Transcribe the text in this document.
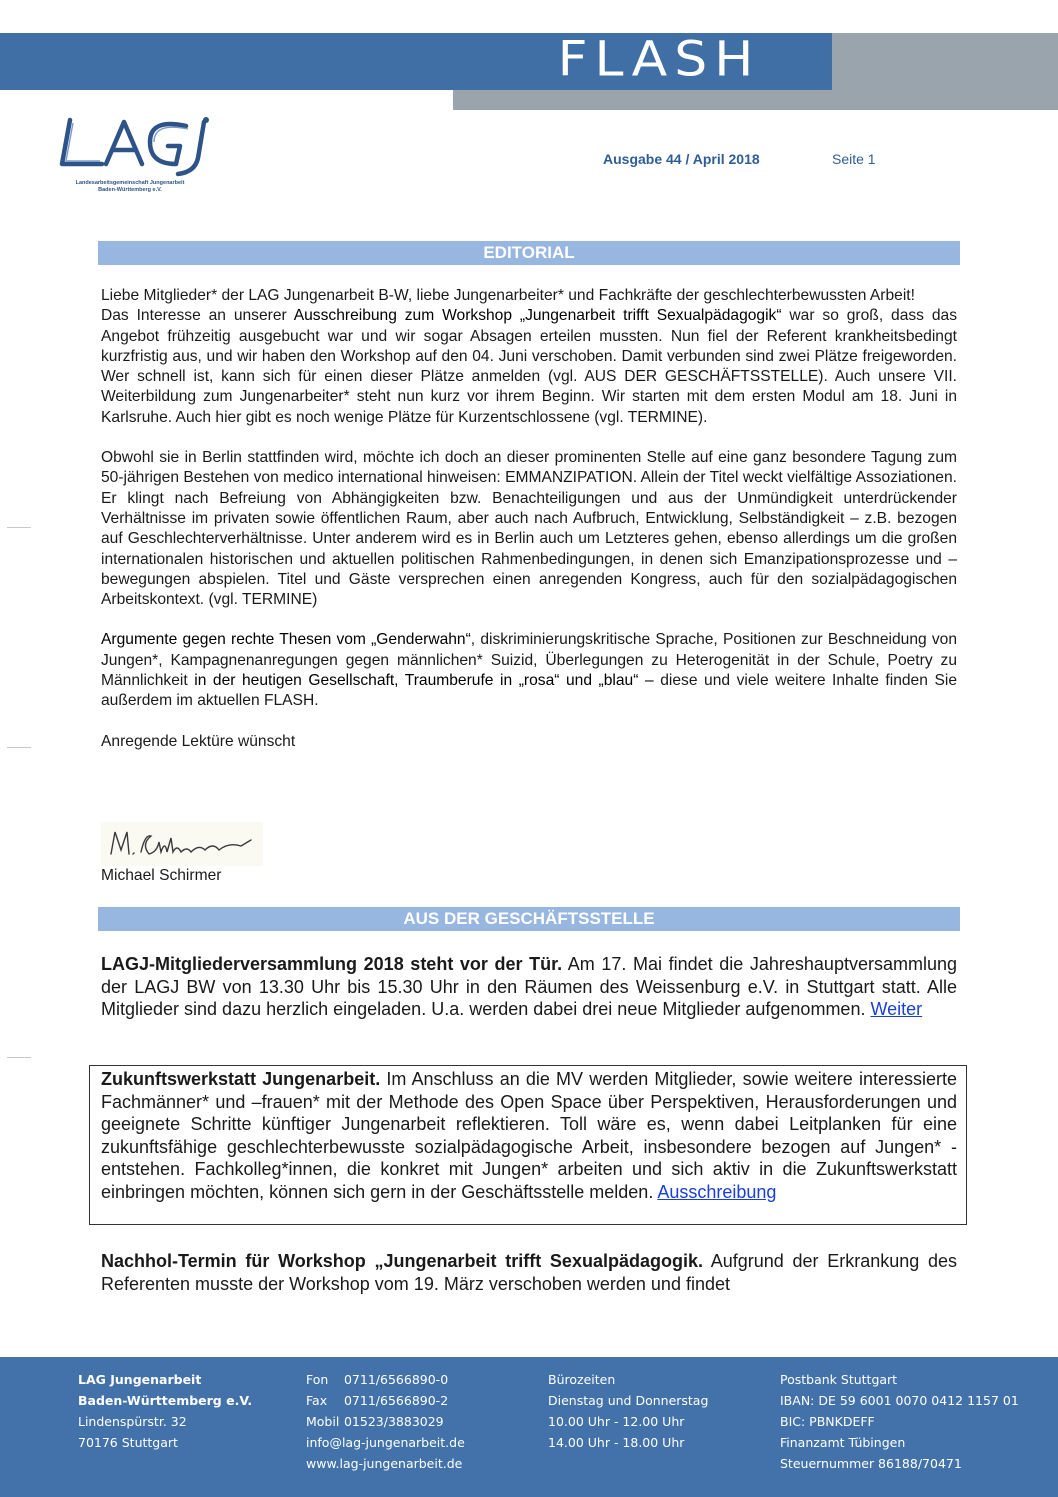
FLASH
Landesarbeitsgemeinschaft Jungenarbeit
Baden-Württemberg e.V.
Ausgabe 44 / April 2018	Seite 1
EDITORIAL

Liebe Mitglieder* der LAG Jungenarbeit B-W, liebe Jungenarbeiter* und Fachkräfte der geschlechterbewussten Arbeit!
Das Interesse an unserer Ausschreibung zum Workshop „Jungenarbeit trifft Sexualpädagogik“ war so groß, dass das Angebot frühzeitig ausgebucht war und wir sogar Absagen erteilen mussten. Nun fiel der Referent krankheitsbedingt kurzfristig aus, und wir haben den Workshop auf den 04. Juni verschoben. Damit verbunden sind zwei Plätze freigeworden. Wer schnell ist, kann sich für einen dieser Plätze anmelden (vgl. AUS DER GESCHÄFTSSTELLE). Auch unsere VII. Weiterbildung zum Jungenarbeiter* steht nun kurz vor ihrem Beginn. Wir starten mit dem ersten Modul am 18. Juni in Karlsruhe. Auch hier gibt es noch wenige Plätze für Kurzentschlossene (vgl. TERMINE).

Obwohl sie in Berlin stattfinden wird, möchte ich doch an dieser prominenten Stelle auf eine ganz besondere Tagung zum 50-jährigen Bestehen von medico international hinweisen: EMMANZIPATION. Allein der Titel weckt vielfältige Assoziationen. Er klingt nach Befreiung von Abhängigkeiten bzw. Benachteiligungen und aus der Unmündigkeit unterdrückender Verhältnisse im privaten sowie öffentlichen Raum, aber auch nach Aufbruch, Entwicklung, Selbständigkeit – z.B. bezogen auf Geschlechterverhältnisse. Unter anderem wird es in Berlin auch um Letzteres gehen, ebenso allerdings um die großen internationalen historischen und aktuellen politischen Rahmenbedingungen, in denen sich Emanzipationsprozesse und –bewegungen abspielen. Titel und Gäste versprechen einen anregenden Kongress, auch für den sozialpädagogischen Arbeitskontext. (vgl. TERMINE)

Argumente gegen rechte Thesen vom „Genderwahn“, diskriminierungskritische Sprache, Positionen zur Beschneidung von Jungen*, Kampagnenanregungen gegen männlichen* Suizid, Überlegungen zu Heterogenität in der Schule, Poetry zu Männlichkeit in der heutigen Gesellschaft, Traumberufe in „rosa“ und „blau“ – diese und viele weitere Inhalte finden Sie außerdem im aktuellen FLASH.

Anregende Lektüre wünscht

Michael Schirmer
AUS DER GESCHÄFTSSTELLE
LAGJ-Mitgliederversammlung 2018 steht vor der Tür. Am 17. Mai findet die Jahreshauptversammlung der LAGJ BW von 13.30 Uhr bis 15.30 Uhr in den Räumen des Weissenburg e.V. in Stuttgart statt. Alle Mitglieder sind dazu herzlich eingeladen. U.a. werden dabei drei neue Mitglieder aufgenommen. Weiter
Zukunftswerkstatt Jungenarbeit. Im Anschluss an die MV werden Mitglieder, sowie weitere interessierte Fachmänner* und –frauen* mit der Methode des Open Space über Perspektiven, Herausforderungen und geeignete Schritte künftiger Jungenarbeit reflektieren. Toll wäre es, wenn dabei Leitplanken für eine zukunftsfähige geschlechterbewusste sozialpädagogische Arbeit, insbesondere bezogen auf Jungen* - entstehen. Fachkolleg*innen, die konkret mit Jungen* arbeiten und sich aktiv in die Zukunftswerkstatt einbringen möchten, können sich gern in der Geschäftsstelle melden. Ausschreibung
Nachhol-Termin für Workshop „Jungenarbeit trifft Sexualpädagogik. Aufgrund der Erkrankung des Referenten musste der Workshop vom 19. März verschoben werden und findet
LAG Jungenarbeit
Baden-Württemberg e.V.
Lindenspürstr. 32
70176 Stuttgart
Fon 0711/6566890-0
Fax 0711/6566890-2
Mobil 01523/3883029
info@lag-jungenarbeit.de
www.lag-jungenarbeit.de
Bürozeiten
Dienstag und Donnerstag
10.00 Uhr - 12.00 Uhr
14.00 Uhr - 18.00 Uhr
Postbank Stuttgart
IBAN: DE 59 6001 0070 0412 1157 01
BIC: PBNKDEFF
Finanzamt Tübingen
Steuernummer 86188/70471
